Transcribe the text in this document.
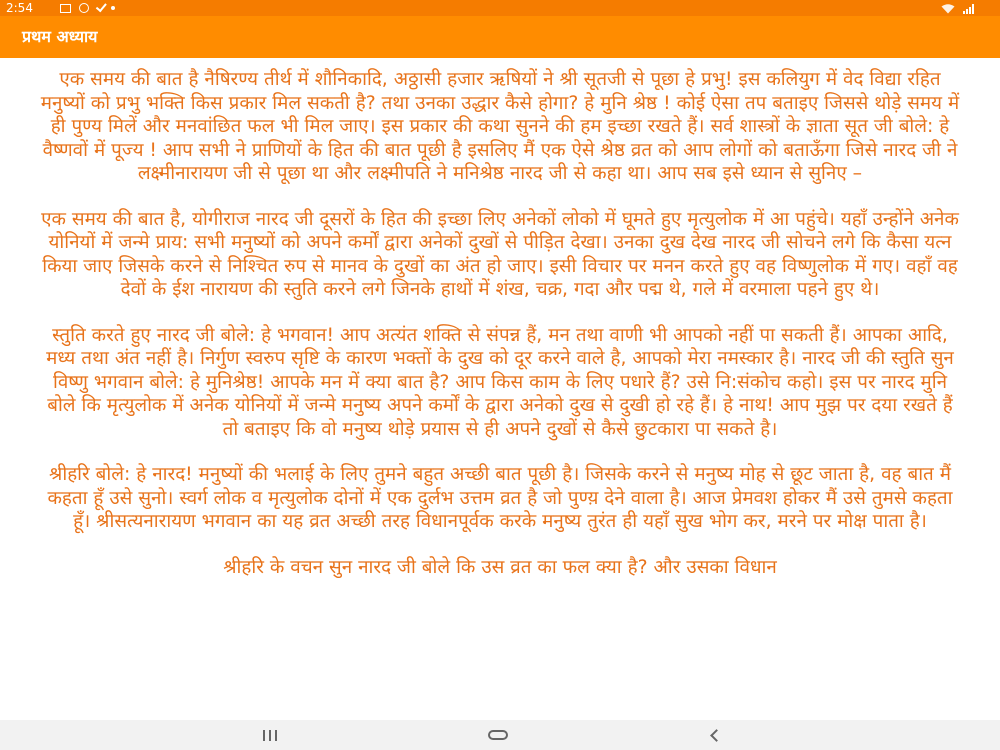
2:54
प्रथम अध्याय

एक समय की बात है नैषिरण्य तीर्थ में शौनिकादि, अठ्ठासी हजार ऋषियों ने श्री सूतजी से पूछा हे प्रभु! इस कलियुग में वेद विद्या रहित मनुष्यों को प्रभु भक्ति किस प्रकार मिल सकती है? तथा उनका उद्धार कैसे होगा? हे मुनि श्रेष्ठ ! कोई ऐसा तप बताइए जिससे थोड़े समय में ही पुण्य मिलें और मनवांछित फल भी मिल जाए। इस प्रकार की कथा सुनने की हम इच्छा रखते हैं। सर्व शास्त्रों के ज्ञाता सूत जी बोले: हे वैष्णवों में पूज्य ! आप सभी ने प्राणियों के हित की बात पूछी है इसलिए मैं एक ऐसे श्रेष्ठ व्रत को आप लोगों को बताऊँगा जिसे नारद जी ने लक्ष्मीनारायण जी से पूछा था और लक्ष्मीपति ने मनिश्रेष्ठ नारद जी से कहा था। आप सब इसे ध्यान से सुनिए –

एक समय की बात है, योगीराज नारद जी दूसरों के हित की इच्छा लिए अनेकों लोको में घूमते हुए मृत्युलोक में आ पहुंचे। यहाँ उन्होंने अनेक योनियों में जन्मे प्राय: सभी मनुष्यों को अपने कर्मों द्वारा अनेकों दुखों से पीड़ित देखा। उनका दुख देख नारद जी सोचने लगे कि कैसा यत्न किया जाए जिसके करने से निश्चित रुप से मानव के दुखों का अंत हो जाए। इसी विचार पर मनन करते हुए वह विष्णुलोक में गए। वहाँ वह देवों के ईश नारायण की स्तुति करने लगे जिनके हाथों में शंख, चक्र, गदा और पद्म थे, गले में वरमाला पहने हुए थे।

स्तुति करते हुए नारद जी बोले: हे भगवान! आप अत्यंत शक्ति से संपन्न हैं, मन तथा वाणी भी आपको नहीं पा सकती हैं। आपका आदि, मध्य तथा अंत नहीं है। निर्गुण स्वरुप सृष्टि के कारण भक्तों के दुख को दूर करने वाले है, आपको मेरा नमस्कार है। नारद जी की स्तुति सुन विष्णु भगवान बोले: हे मुनिश्रेष्ठ! आपके मन में क्या बात है? आप किस काम के लिए पधारे हैं? उसे नि:संकोच कहो। इस पर नारद मुनि बोले कि मृत्युलोक में अनेक योनियों में जन्मे मनुष्य अपने कर्मों के द्वारा अनेको दुख से दुखी हो रहे हैं। हे नाथ! आप मुझ पर दया रखते हैं तो बताइए कि वो मनुष्य थोड़े प्रयास से ही अपने दुखों से कैसे छुटकारा पा सकते है।

श्रीहरि बोले: हे नारद! मनुष्यों की भलाई के लिए तुमने बहुत अच्छी बात पूछी है। जिसके करने से मनुष्य मोह से छूट जाता है, वह बात मैं कहता हूँ उसे सुनो। स्वर्ग लोक व मृत्युलोक दोनों में एक दुर्लभ उत्तम व्रत है जो पुण्य़ देने वाला है। आज प्रेमवश होकर मैं उसे तुमसे कहता हूँ। श्रीसत्यनारायण भगवान का यह व्रत अच्छी तरह विधानपूर्वक करके मनुष्य तुरंत ही यहाँ सुख भोग कर, मरने पर मोक्ष पाता है।

श्रीहरि के वचन सुन नारद जी बोले कि उस व्रत का फल क्या है? और उसका विधान
